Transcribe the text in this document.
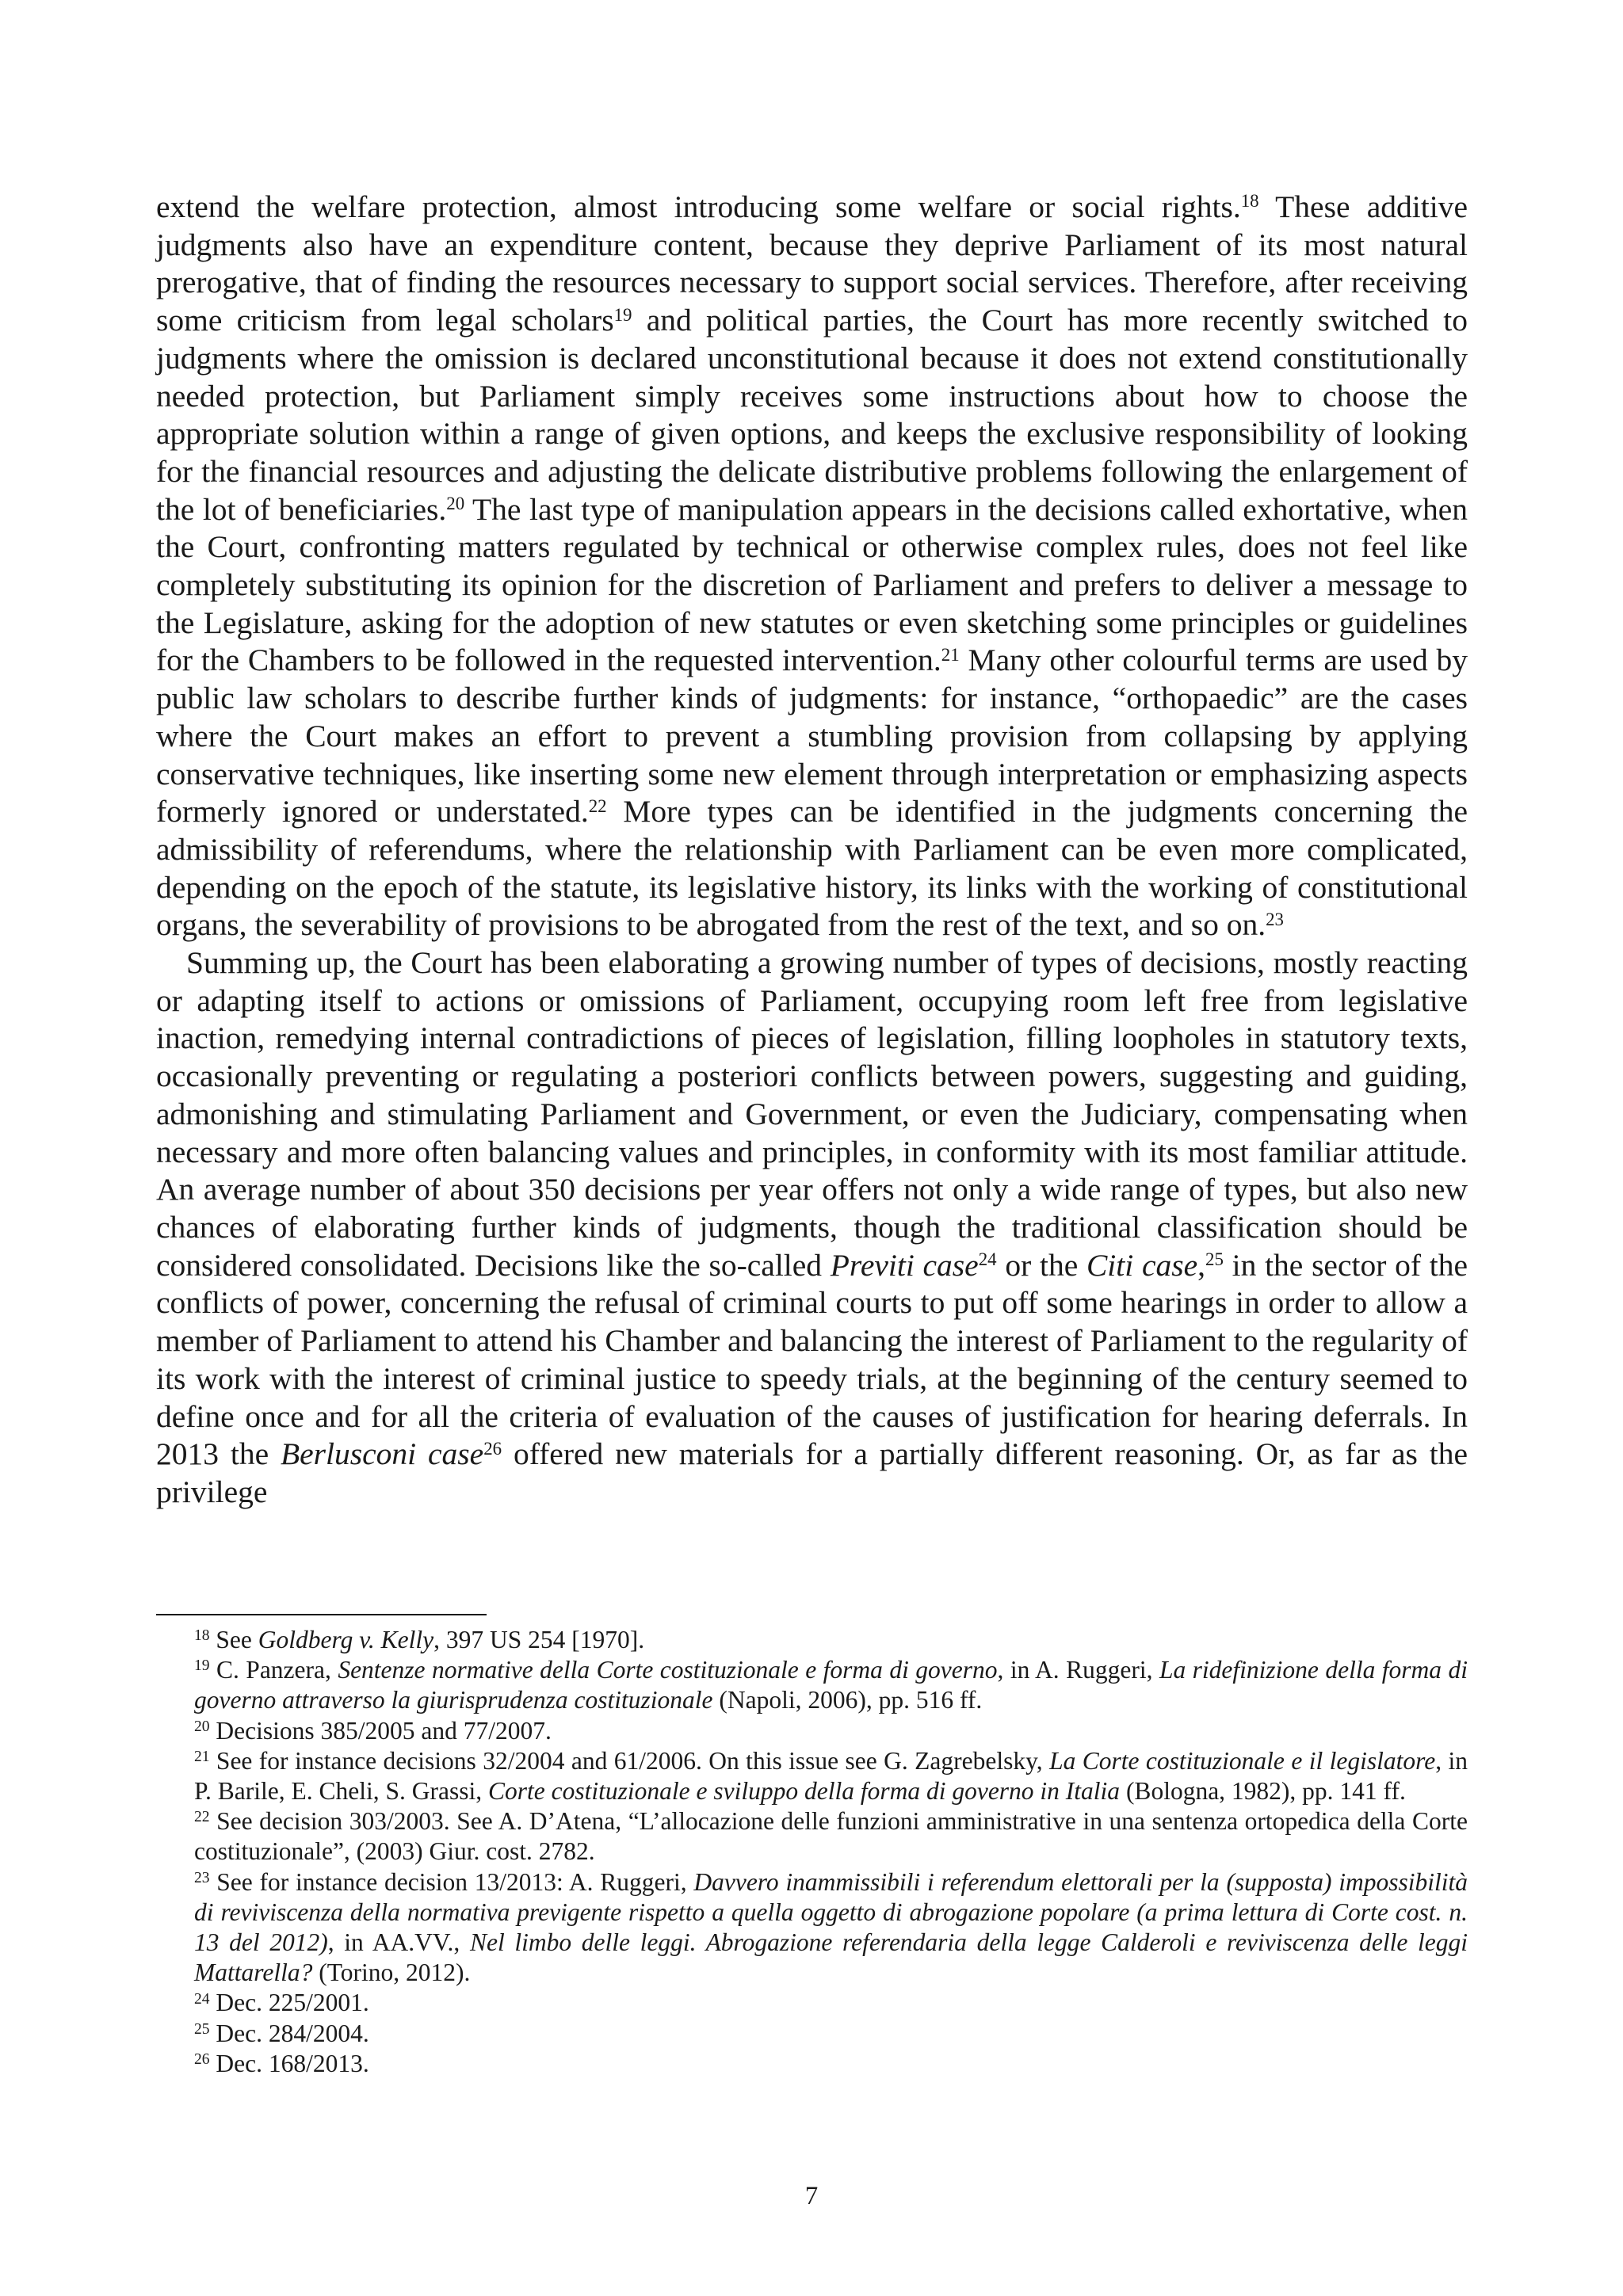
extend the welfare protection, almost introducing some welfare or social rights.$^{18}$ These additive judgments also have an expenditure content, because they deprive Parliament of its most natural prerogative, that of finding the resources necessary to support social services. Therefore, after receiving some criticism from legal scholars$^{19}$ and political parties, the Court has more recently switched to judgments where the omission is declared unconstitutional because it does not extend constitutionally needed protection, but Parliament simply receives some instructions about how to choose the appropriate solution within a range of given options, and keeps the exclusive responsibility of looking for the financial resources and adjusting the delicate distributive problems following the enlargement of the lot of beneficiaries.$^{20}$ The last type of manipulation appears in the decisions called exhortative, when the Court, confronting matters regulated by technical or otherwise complex rules, does not feel like completely substituting its opinion for the discretion of Parliament and prefers to deliver a message to the Legislature, asking for the adoption of new statutes or even sketching some principles or guidelines for the Chambers to be followed in the requested intervention.$^{21}$ Many other colourful terms are used by public law scholars to describe further kinds of judgments: for instance, “orthopaedic” are the cases where the Court makes an effort to prevent a stumbling provision from collapsing by applying conservative techniques, like inserting some new element through interpretation or emphasizing aspects formerly ignored or understated.$^{22}$ More types can be identified in the judgments concerning the admissibility of referendums, where the relationship with Parliament can be even more complicated, depending on the epoch of the statute, its legislative history, its links with the working of constitutional organs, the severability of provisions to be abrogated from the rest of the text, and so on.$^{23}$

Summing up, the Court has been elaborating a growing number of types of decisions, mostly reacting or adapting itself to actions or omissions of Parliament, occupying room left free from legislative inaction, remedying internal contradictions of pieces of legislation, filling loopholes in statutory texts, occasionally preventing or regulating a posteriori conflicts between powers, suggesting and guiding, admonishing and stimulating Parliament and Government, or even the Judiciary, compensating when necessary and more often balancing values and principles, in conformity with its most familiar attitude. An average number of about 350 decisions per year offers not only a wide range of types, but also new chances of elaborating further kinds of judgments, though the traditional classification should be considered consolidated. Decisions like the so-called Previti case$^{24}$ or the Citi case,$^{25}$ in the sector of the conflicts of power, concerning the refusal of criminal courts to put off some hearings in order to allow a member of Parliament to attend his Chamber and balancing the interest of Parliament to the regularity of its work with the interest of criminal justice to speedy trials, at the beginning of the century seemed to define once and for all the criteria of evaluation of the causes of justification for hearing deferrals. In 2013 the Berlusconi case$^{26}$ offered new materials for a partially different reasoning. Or, as far as the privilege

$^{18}$ See Goldberg v. Kelly, 397 US 254 [1970].

$^{19}$ C. Panzera, Sentenze normative della Corte costituzionale e forma di governo, in A. Ruggeri, La ridefinizione della forma di governo attraverso la giurisprudenza costituzionale (Napoli, 2006), pp. 516 ff.

$^{20}$ Decisions 385/2005 and 77/2007.

$^{21}$ See for instance decisions 32/2004 and 61/2006. On this issue see G. Zagrebelsky, La Corte costituzionale e il legislatore, in P. Barile, E. Cheli, S. Grassi, Corte costituzionale e sviluppo della forma di governo in Italia (Bologna, 1982), pp. 141 ff.

$^{22}$ See decision 303/2003. See A. D’Atena, “L’allocazione delle funzioni amministrative in una sentenza ortopedica della Corte costituzionale”, (2003) Giur. cost. 2782.

$^{23}$ See for instance decision 13/2013: A. Ruggeri, Davvero inammissibili i referendum elettorali per la (supposta) impossibilità di reviviscenza della normativa previgente rispetto a quella oggetto di abrogazione popolare (a prima lettura di Corte cost. n. 13 del 2012), in AA.VV., Nel limbo delle leggi. Abrogazione referendaria della legge Calderoli e reviviscenza delle leggi Mattarella? (Torino, 2012).

$^{24}$ Dec. 225/2001.

$^{25}$ Dec. 284/2004.

$^{26}$ Dec. 168/2013.

7
